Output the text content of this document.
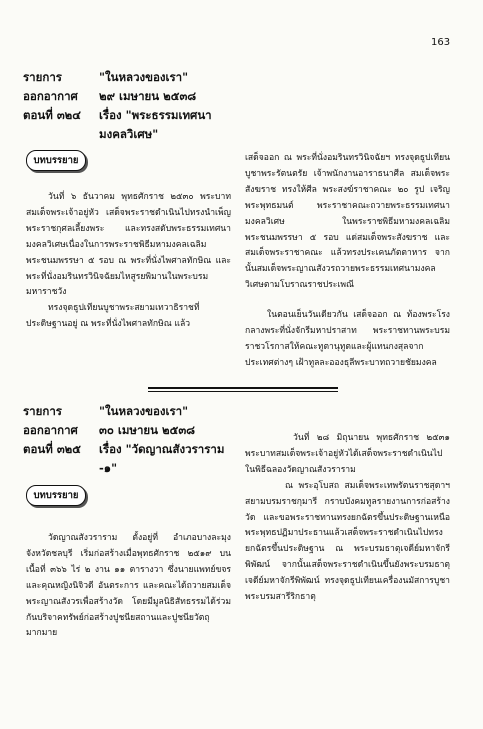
163
รายการ	"ในหลวงของเรา"
ออกอากาศ	๒๙ เมษายน ๒๕๓๘
ตอนที่ ๓๒๔	เรื่อง "พระธรรมเทศนา
มงคลวิเศษ"
บทบรรยาย

วันที่ ๖ ธันวาคม พุทธศักราช ๒๕๓๐ พระบาทสมเด็จพระเจ้าอยู่หัว เสด็จพระราชดำเนินไปทรงนำเพ็ญพระราชกุศลเลี้ยงพระ และทรงสดับพระธรรมเทศนามงคลวิเศษเนื่องในการพระราชพิธีมหามงคลเฉลิมพระชนมพรรษา ๕ รอบ ณ พระที่นั่งไพศาลทักษิณ และพระที่นั่งอมรินทรวินิจฉัยมไหสูรยพิมานในพระบรมมหาราชวัง

ทรงจุดธูปเทียนบูชาพระสยามเทวาธิราชที่ประดิษฐานอยู่ ณ พระที่นั่งไพศาลทักษิณ แล้ว

เสด็จออก ณ พระที่นั่งอมรินทรวินิจฉัยฯ ทรงจุดธูปเทียนบูชาพระรัตนตรัย เจ้าพนักงานอาราธนาศีล สมเด็จพระสังฆราช ทรงให้ศีล พระสงฆ์ราชาคณะ ๒๐ รูป เจริญพระพุทธมนต์ พระราชาคณะถวายพระธรรมเทศนามงคลวิเศษ ในพระราชพิธีมหามงคลเฉลิมพระชนมพรรษา ๕ รอบ แด่สมเด็จพระสังฆราช และสมเด็จพระราชาคณะ แล้วทรงประเคนภัตตาหาร จากนั้นสมเด็จพระญาณสังวรถวายพระธรรมเทศนามงคลวิเศษตามโบราณราชประเพณี

ในตอนเย็นวันเดียวกัน เสด็จออก ณ ท้องพระโรงกลางพระที่นั่งจักรีมหาปราสาท พระราชทานพระบรมราชวโรกาสให้คณะทูตานุทูตและผู้แทนกงสุลจากประเทศต่างๆ เฝ้าทูลละอองธุลีพระบาทถวายชัยมงคล

รายการ	"ในหลวงของเรา"
ออกอากาศ	๓๐ เมษายน ๒๕๓๘
ตอนที่ ๓๒๕	เรื่อง "วัดญาณสังวราราม
-๑"
บทบรรยาย

วัดญาณสังวราราม ตั้งอยู่ที่ อำเภอบางละมุง จังหวัดชลบุรี เริ่มก่อสร้างเมื่อพุทธศักราช ๒๕๑๙ บนเนื้อที่ ๓๖๖ ไร่ ๒ งาน ๑๑ ตารางวา ซึ่งนายแพทย์ขจร และคุณหญิงนิจิวดี อันตระการ และคณะได้ถวายสมเด็จพระญาณสังวรเพื่อสร้างวัด โดยมีมูลนิธิสัทธรรมได้ร่วมกันบริจาคทรัพย์ก่อสร้างปูชนียสถานและปูชนียวัตถุมากมาย

วันที่ ๒๘ มิถุนายน พุทธศักราช ๒๕๓๑ พระบาทสมเด็จพระเจ้าอยู่หัวได้เสด็จพระราชดำเนินไปในพิธีฉลองวัดญาณสังวราราม

ณ พระอุโบสถ สมเด็จพระเทพรัตนราชสุดาฯ สยามบรมราชกุมารี กราบบังคมทูลรายงานการก่อสร้างวัด และขอพระราชทานทรงยกฉัตรขึ้นประดิษฐานเหนือพระพุทธปฏิมาประธานแล้วเสด็จพระราชดำเนินไปทรงยกฉัตรขึ้นประดิษฐาน ณ พระบรมธาตุเจดีย์มหาจักรีพิพัฒน์ จากนั้นเสด็จพระราชดำเนินขึ้นยังพระบรมธาตุเจดีย์มหาจักรีพิพัฒน์ ทรงจุดธูปเทียนเครื่องนมัสการบูชาพระบรมสารีริกธาตุ
